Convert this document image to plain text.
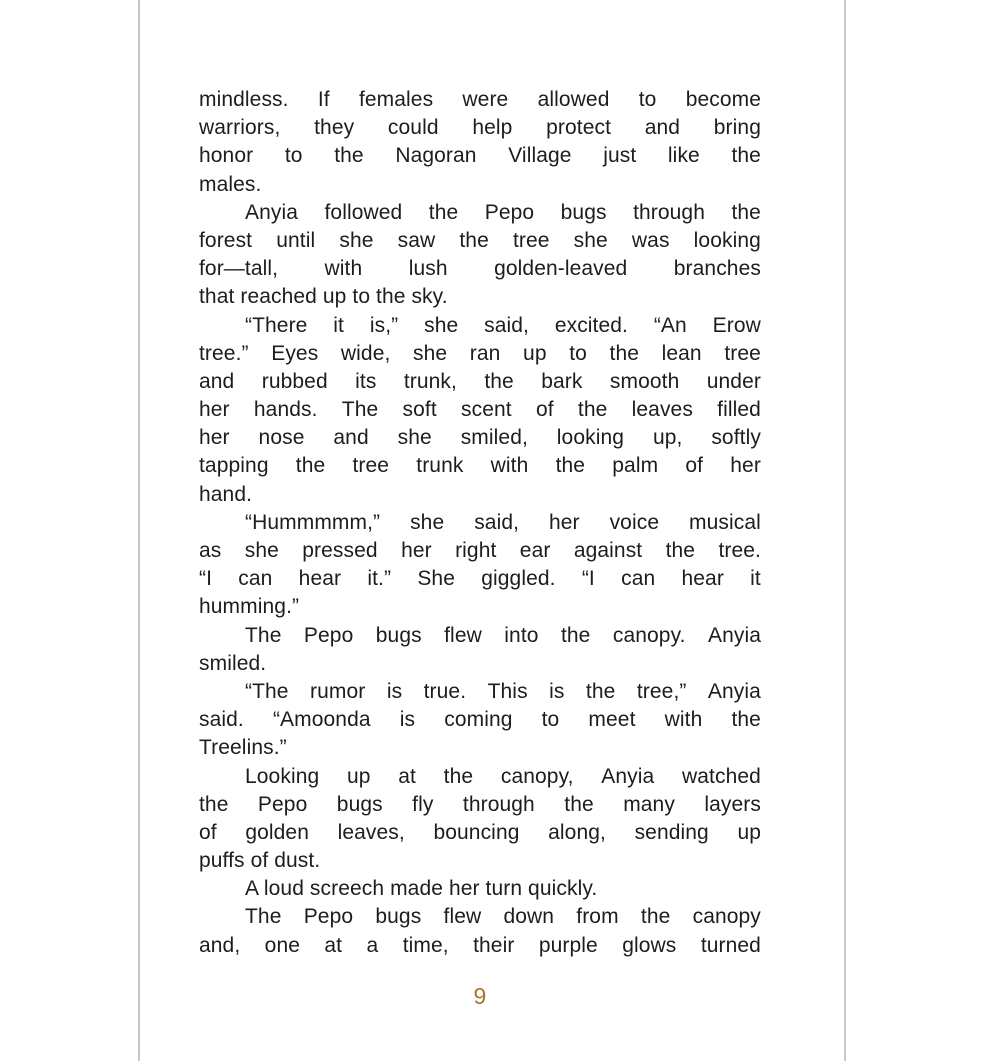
mindless. If females were allowed to become
warriors, they could help protect and bring
honor to the Nagoran Village just like the
males.
Anyia followed the Pepo bugs through the
forest until she saw the tree she was looking
for—tall, with lush golden-leaved branches
that reached up to the sky.
“There it is,” she said, excited. “An Erow
tree.” Eyes wide, she ran up to the lean tree
and rubbed its trunk, the bark smooth under
her hands. The soft scent of the leaves filled
her nose and she smiled, looking up, softly
tapping the tree trunk with the palm of her
hand.
“Hummmmm,” she said, her voice musical
as she pressed her right ear against the tree.
“I can hear it.” She giggled. “I can hear it
humming.”
The Pepo bugs flew into the canopy. Anyia
smiled.
“The rumor is true. This is the tree,” Anyia
said. “Amoonda is coming to meet with the
Treelins.”
Looking up at the canopy, Anyia watched
the Pepo bugs fly through the many layers
of golden leaves, bouncing along, sending up
puffs of dust.
A loud screech made her turn quickly.
The Pepo bugs flew down from the canopy
and, one at a time, their purple glows turned
9
